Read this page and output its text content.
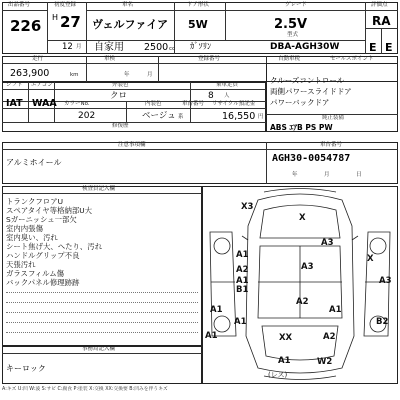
出品番号
226
初度登録
H 27
12 月
車名
ヴェルファイア
自家用
ドア形状
5W
2500 cc ｶﾞｿﾘﾝ
グレード
2.5V
型式
DBA-AGH30W
評価点
RA
E E
走行
263,900	km
車検
年	月
登録番号	自動車税	セールスポイント
シフト エアコン	外装色
クロ
乗車定員
8 人
IAT WAA カラーNo.	内装色	車台番号 リサイクル預託金
202	ベージュ 系	16,550 円
修復歴
クルーズコントロール
両側パワースライドドア
パワーバックドア
純正装備
ABS ｴｱB PS PW
注意事項欄
アルミホイール
車台番号
AGH30-0054787
年	月	日
検査員記入欄
トランクフロアU
スペアタイヤ等格納部U大
Sガーニッシュ一部欠
室内内張傷
室内臭い、汚れ
シート焦げ大、へたり、汚れ
ハンドルグリップ不良
天張汚れ
ガラスフィルム傷
バックパネル修理跡跡
事務局記入欄
キーロック
X3
X
A3
A1
A3
X
A3
A1
A2
B1
A2
A1
A1
A1
B2
XX	A2
A1
A1	W2
(レス)
A:キズ U:凹 W:波 S:サビ C:腐食 P:塗装 X:交換 XX:交換要 B:凹みを伴うキズ
